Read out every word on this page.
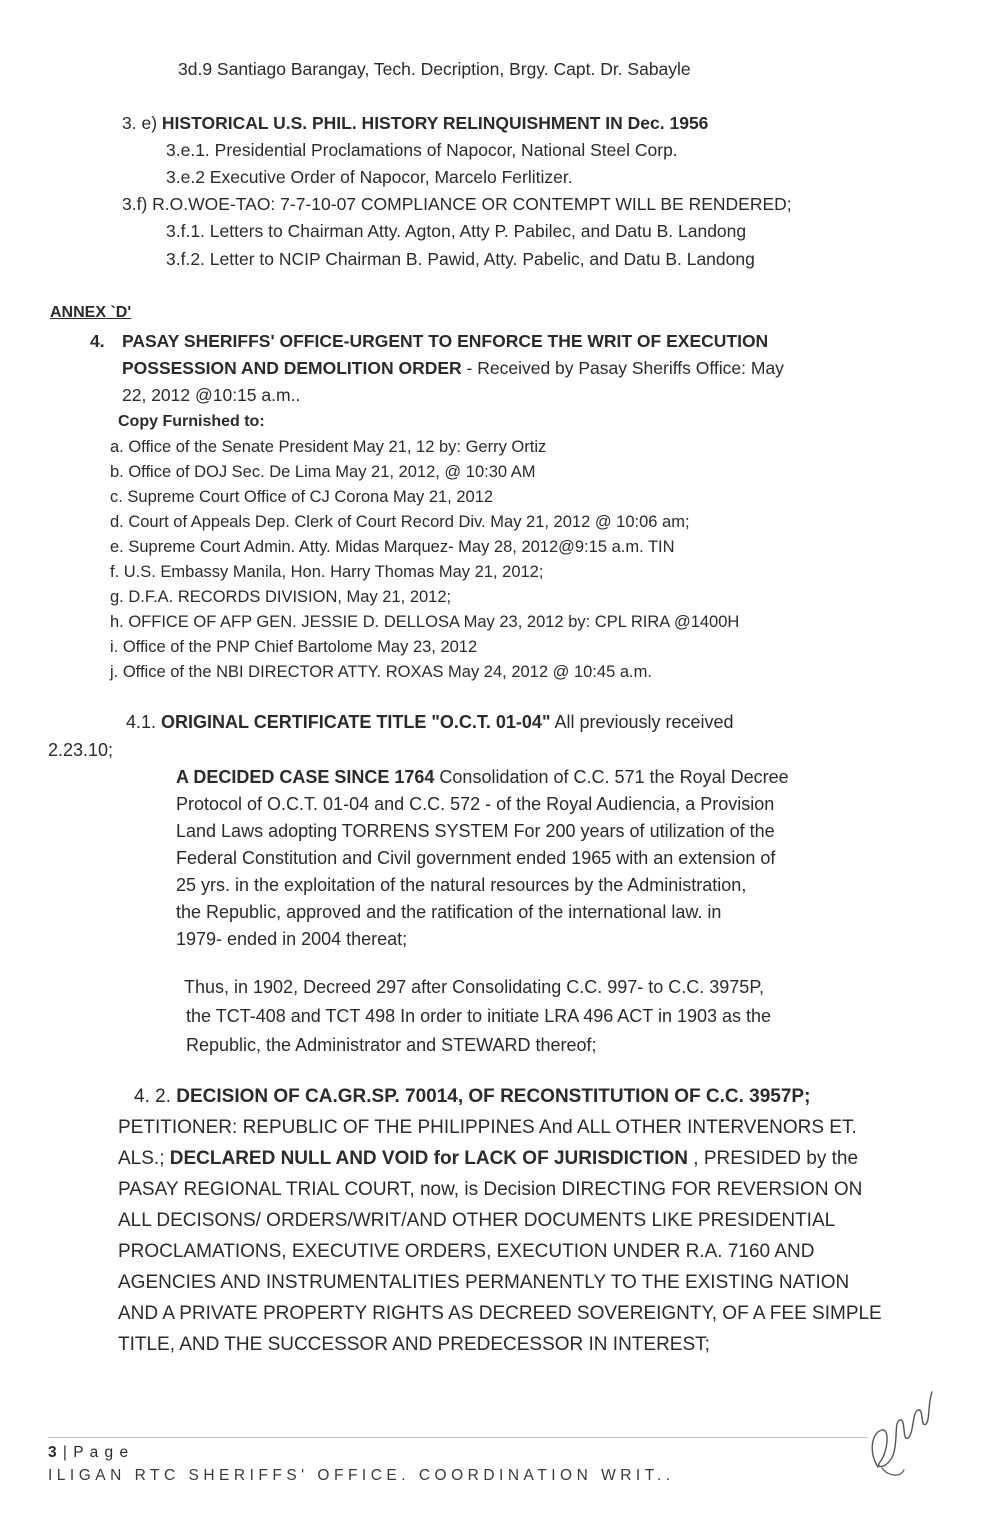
3d.9 Santiago Barangay, Tech. Decription, Brgy. Capt. Dr. Sabayle
3. e) HISTORICAL U.S. PHIL. HISTORY RELINQUISHMENT IN Dec. 1956
3.e.1. Presidential Proclamations of Napocor, National Steel Corp.
3.e.2 Executive Order of Napocor, Marcelo Ferlitizer.
3.f) R.O.WOE-TAO: 7-7-10-07 COMPLIANCE OR CONTEMPT WILL BE RENDERED;
3.f.1. Letters to Chairman Atty. Agton, Atty P. Pabilec, and Datu B. Landong
3.f.2. Letter to NCIP Chairman B. Pawid, Atty. Pabelic, and Datu B. Landong
ANNEX `D'
4. PASAY SHERIFFS' OFFICE-URGENT TO ENFORCE THE WRIT OF EXECUTION
POSSESSION AND DEMOLITION ORDER - Received by Pasay Sheriffs Office: May
22, 2012 @10:15 a.m..
Copy Furnished to:
a. Office of the Senate President May 21, 12 by: Gerry Ortiz
b. Office of DOJ Sec. De Lima May 21, 2012, @ 10:30 AM
c. Supreme Court Office of CJ Corona May 21, 2012
d. Court of Appeals Dep. Clerk of Court Record Div. May 21, 2012 @ 10:06 am;
e. Supreme Court Admin. Atty. Midas Marquez- May 28, 2012@9:15 a.m. TIN
f. U.S. Embassy Manila, Hon. Harry Thomas May 21, 2012;
g. D.F.A. RECORDS DIVISION, May 21, 2012;
h. OFFICE OF AFP GEN. JESSIE D. DELLOSA May 23, 2012 by: CPL RIRA @1400H
i. Office of the PNP Chief Bartolome May 23, 2012
j. Office of the NBI DIRECTOR ATTY. ROXAS May 24, 2012 @ 10:45 a.m.
4.1. ORIGINAL CERTIFICATE TITLE "O.C.T. 01-04" All previously received
2.23.10;
A DECIDED CASE SINCE 1764 Consolidation of C.C. 571 the Royal Decree
Protocol of O.C.T. 01-04 and C.C. 572 - of the Royal Audiencia, a Provision
Land Laws adopting TORRENS SYSTEM For 200 years of utilization of the
Federal Constitution and Civil government ended 1965 with an extension of
25 yrs. in the exploitation of the natural resources by the Administration,
the Republic, approved and the ratification of the international law. in
1979- ended in 2004 thereat;
Thus, in 1902, Decreed 297 after Consolidating C.C. 997- to C.C. 3975P,
the TCT-408 and TCT 498 In order to initiate LRA 496 ACT in 1903 as the
Republic, the Administrator and STEWARD thereof;
4. 2. DECISION OF CA.GR.SP. 70014, OF RECONSTITUTION OF C.C. 3957P;
PETITIONER: REPUBLIC OF THE PHILIPPINES And ALL OTHER INTERVENORS ET.
ALS.; DECLARED NULL AND VOID for LACK OF JURISDICTION , PRESIDED by the
PASAY REGIONAL TRIAL COURT, now, is Decision DIRECTING FOR REVERSION ON
ALL DECISONS/ ORDERS/WRIT/AND OTHER DOCUMENTS LIKE PRESIDENTIAL
PROCLAMATIONS, EXECUTIVE ORDERS, EXECUTION UNDER R.A. 7160 AND
AGENCIES AND INSTRUMENTALITIES PERMANENTLY TO THE EXISTING NATION
AND A PRIVATE PROPERTY RIGHTS AS DECREED SOVEREIGNTY, OF A FEE SIMPLE
TITLE, AND THE SUCCESSOR AND PREDECESSOR IN INTEREST;
3 | P a g e
ILIGAN RTC SHERIFFS' OFFICE. COORDINATION WRIT..
